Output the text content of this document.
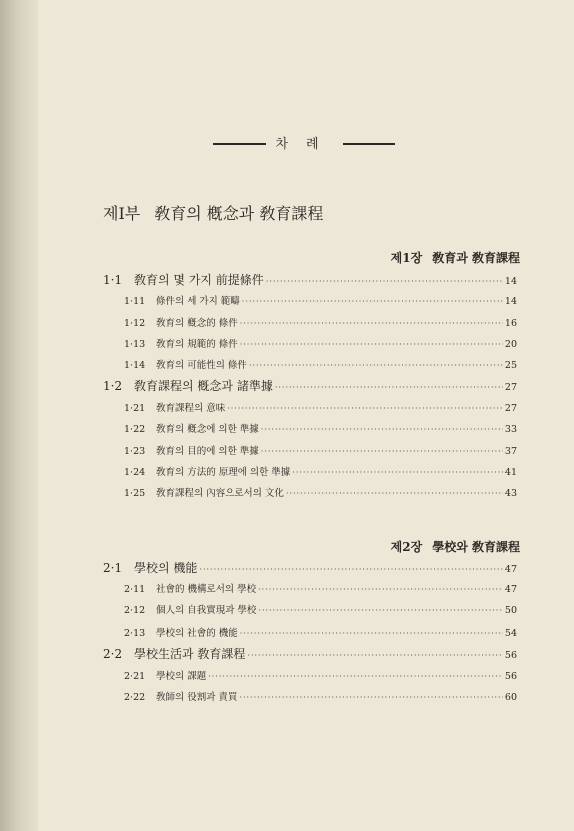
차례
제Ⅰ부 敎育의 槪念과 敎育課程
제1장 敎育과 敎育課程
1·1 敎育의 몇 가지 前提條件 ·····	14
1·11	條件의 세 가지 範疇 ·····	14
1·12	敎育의 槪念的 條件 ·····	16
1·13	敎育의 規範的 條件 ·····	20
1·14	敎育의 可能性의 條件 ·····	25
1·2 敎育課程의 槪念과 諸準據 ·····	27
1·21	敎育課程의 意味 ·····	27
1·22	敎育의 槪念에 의한 準據 ·····	33
1·23	敎育의 目的에 의한 準據 ·····	37
1·24	敎育의 方法的 原理에 의한 準據 ·····	41
1·25	敎育課程의 內容으로서의 文化 ·····	43
제2장 學校와 敎育課程
2·1 學校의 機能 ·····	47
2·11	社會的 機構로서의 學校 ·····	47
2·12	個人의 自我實現과 學校 ·····	50
2·13	學校의 社會的 機能 ·····	54
2·2 學校生活과 敎育課程 ·····	56
2·21	學校의 課題 ·····	56
2·22	敎師의 役割과 責買 ·····	60
